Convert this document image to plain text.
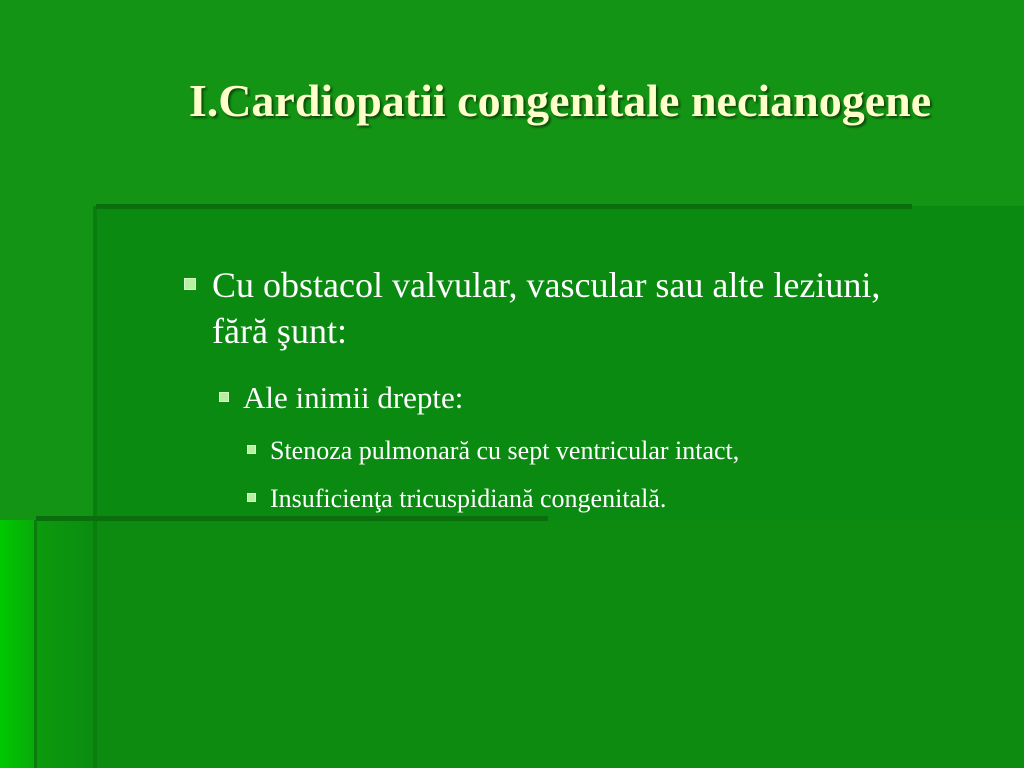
I.Cardiopatii congenitale necianogene
Cu obstacol valvular, vascular sau alte leziuni, fără şunt:
Ale inimii drepte:
Stenoza pulmonară cu sept ventricular intact,
Insuficienţa tricuspidiană congenitală.
